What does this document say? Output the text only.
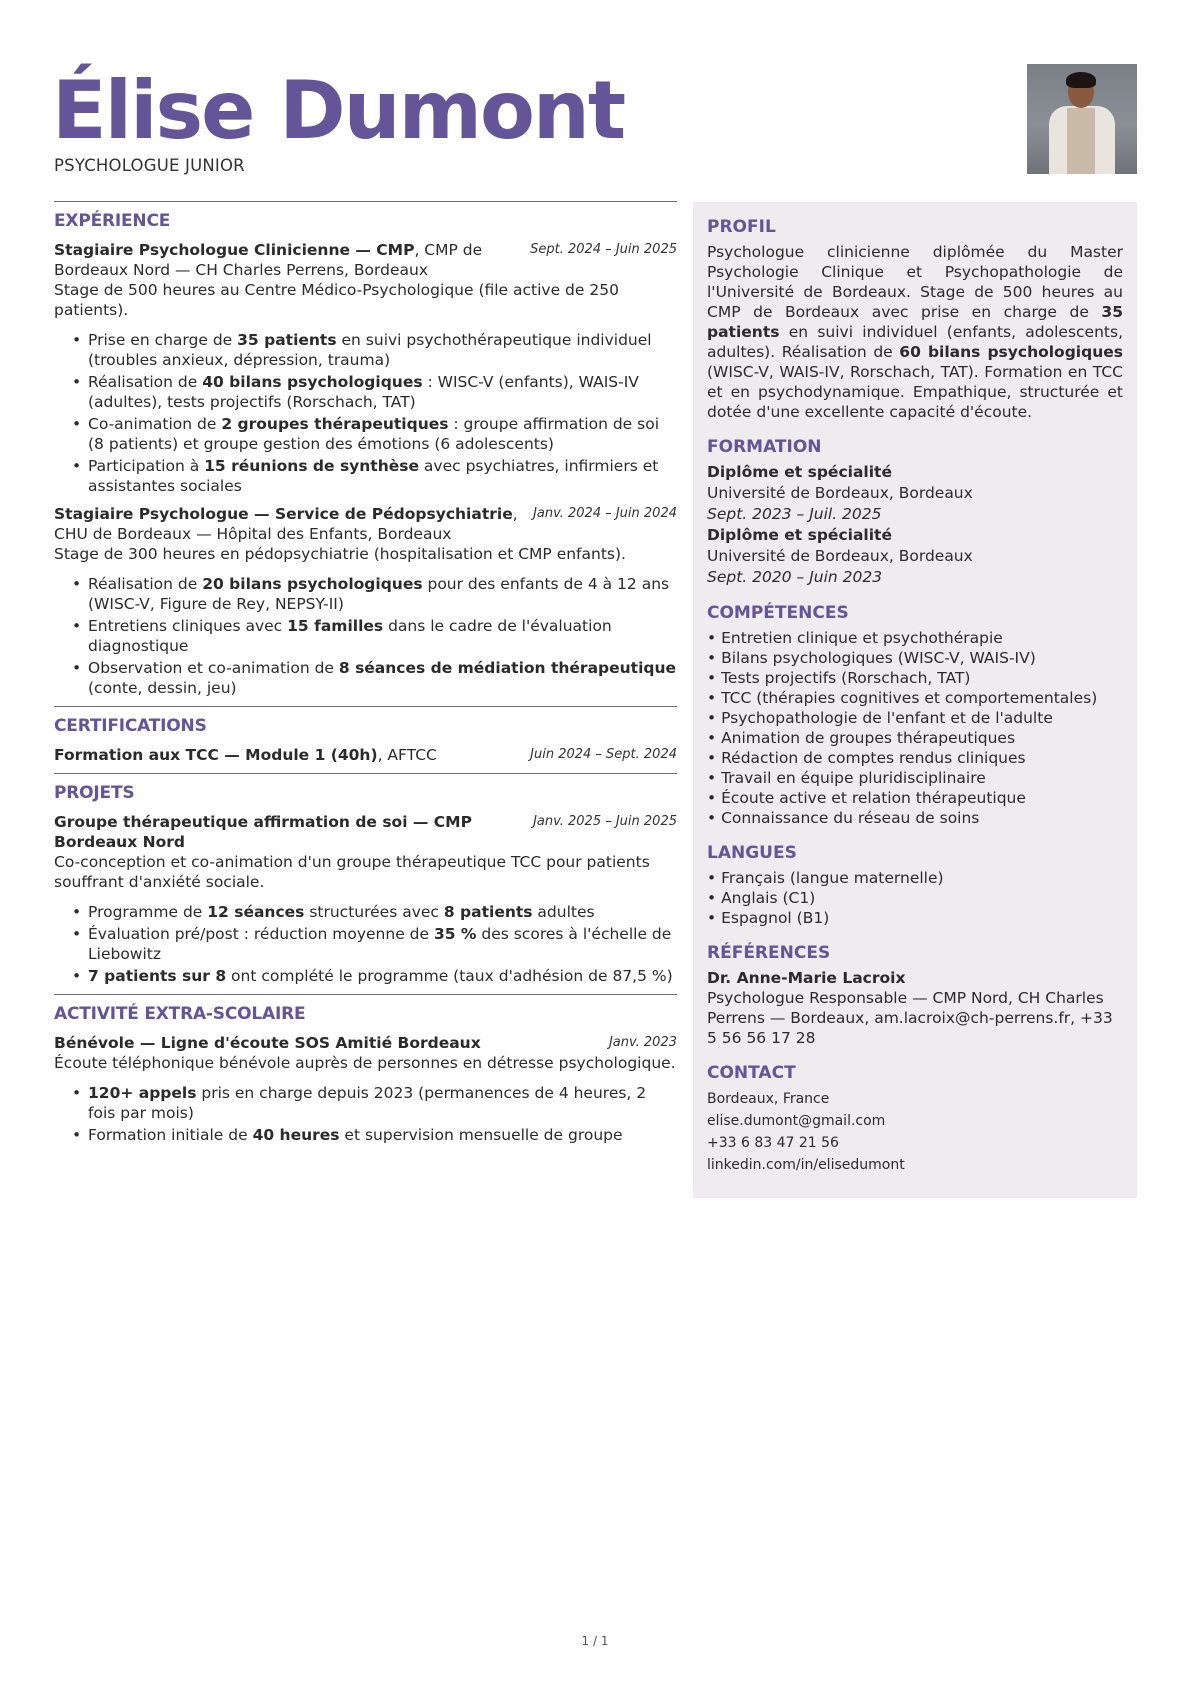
Élise Dumont
PSYCHOLOGUE JUNIOR
EXPÉRIENCE
Stagiaire Psychologue Clinicienne — CMP, CMP de Bordeaux Nord — CH Charles Perrens, Bordeaux
Sept. 2024 – Juin 2025
Stage de 500 heures au Centre Médico-Psychologique (file active de 250 patients).
• Prise en charge de 35 patients en suivi psychothérapeutique individuel (troubles anxieux, dépression, trauma)
• Réalisation de 40 bilans psychologiques : WISC-V (enfants), WAIS-IV (adultes), tests projectifs (Rorschach, TAT)
• Co-animation de 2 groupes thérapeutiques : groupe affirmation de soi (8 patients) et groupe gestion des émotions (6 adolescents)
• Participation à 15 réunions de synthèse avec psychiatres, infirmiers et assistantes sociales
Stagiaire Psychologue — Service de Pédopsychiatrie, CHU de Bordeaux — Hôpital des Enfants, Bordeaux
Janv. 2024 – Juin 2024
Stage de 300 heures en pédopsychiatrie (hospitalisation et CMP enfants).
• Réalisation de 20 bilans psychologiques pour des enfants de 4 à 12 ans (WISC-V, Figure de Rey, NEPSY-II)
• Entretiens cliniques avec 15 familles dans le cadre de l'évaluation diagnostique
• Observation et co-animation de 8 séances de médiation thérapeutique (conte, dessin, jeu)
CERTIFICATIONS
Formation aux TCC — Module 1 (40h), AFTCC	Juin 2024 – Sept. 2024
PROJETS
Groupe thérapeutique affirmation de soi — CMP Bordeaux Nord
Janv. 2025 – Juin 2025
Co-conception et co-animation d'un groupe thérapeutique TCC pour patients souffrant d'anxiété sociale.
• Programme de 12 séances structurées avec 8 patients adultes
• Évaluation pré/post : réduction moyenne de 35 % des scores à l'échelle de Liebowitz
• 7 patients sur 8 ont complété le programme (taux d'adhésion de 87,5 %)
ACTIVITÉ EXTRA-SCOLAIRE
Bénévole — Ligne d'écoute SOS Amitié Bordeaux	Janv. 2023
Écoute téléphonique bénévole auprès de personnes en détresse psychologique.
• 120+ appels pris en charge depuis 2023 (permanences de 4 heures, 2 fois par mois)
• Formation initiale de 40 heures et supervision mensuelle de groupe
PROFIL
Psychologue clinicienne diplômée du Master Psychologie Clinique et Psychopathologie de l'Université de Bordeaux. Stage de 500 heures au CMP de Bordeaux avec prise en charge de 35 patients en suivi individuel (enfants, adolescents, adultes). Réalisation de 60 bilans psychologiques (WISC-V, WAIS-IV, Rorschach, TAT). Formation en TCC et en psychodynamique. Empathique, structurée et dotée d'une excellente capacité d'écoute.
FORMATION
Diplôme et spécialité
Université de Bordeaux, Bordeaux
Sept. 2023 – Juil. 2025
Diplôme et spécialité
Université de Bordeaux, Bordeaux
Sept. 2020 – Juin 2023
COMPÉTENCES
• Entretien clinique et psychothérapie
• Bilans psychologiques (WISC-V, WAIS-IV)
• Tests projectifs (Rorschach, TAT)
• TCC (thérapies cognitives et comportementales)
• Psychopathologie de l'enfant et de l'adulte
• Animation de groupes thérapeutiques
• Rédaction de comptes rendus cliniques
• Travail en équipe pluridisciplinaire
• Écoute active et relation thérapeutique
• Connaissance du réseau de soins
LANGUES
• Français (langue maternelle)
• Anglais (C1)
• Espagnol (B1)
RÉFÉRENCES
Dr. Anne-Marie Lacroix
Psychologue Responsable — CMP Nord, CH Charles Perrens — Bordeaux, am.lacroix@ch-perrens.fr, +33 5 56 56 17 28
CONTACT
Bordeaux, France
elise.dumont@gmail.com
+33 6 83 47 21 56
linkedin.com/in/elisedumont
1 / 1
